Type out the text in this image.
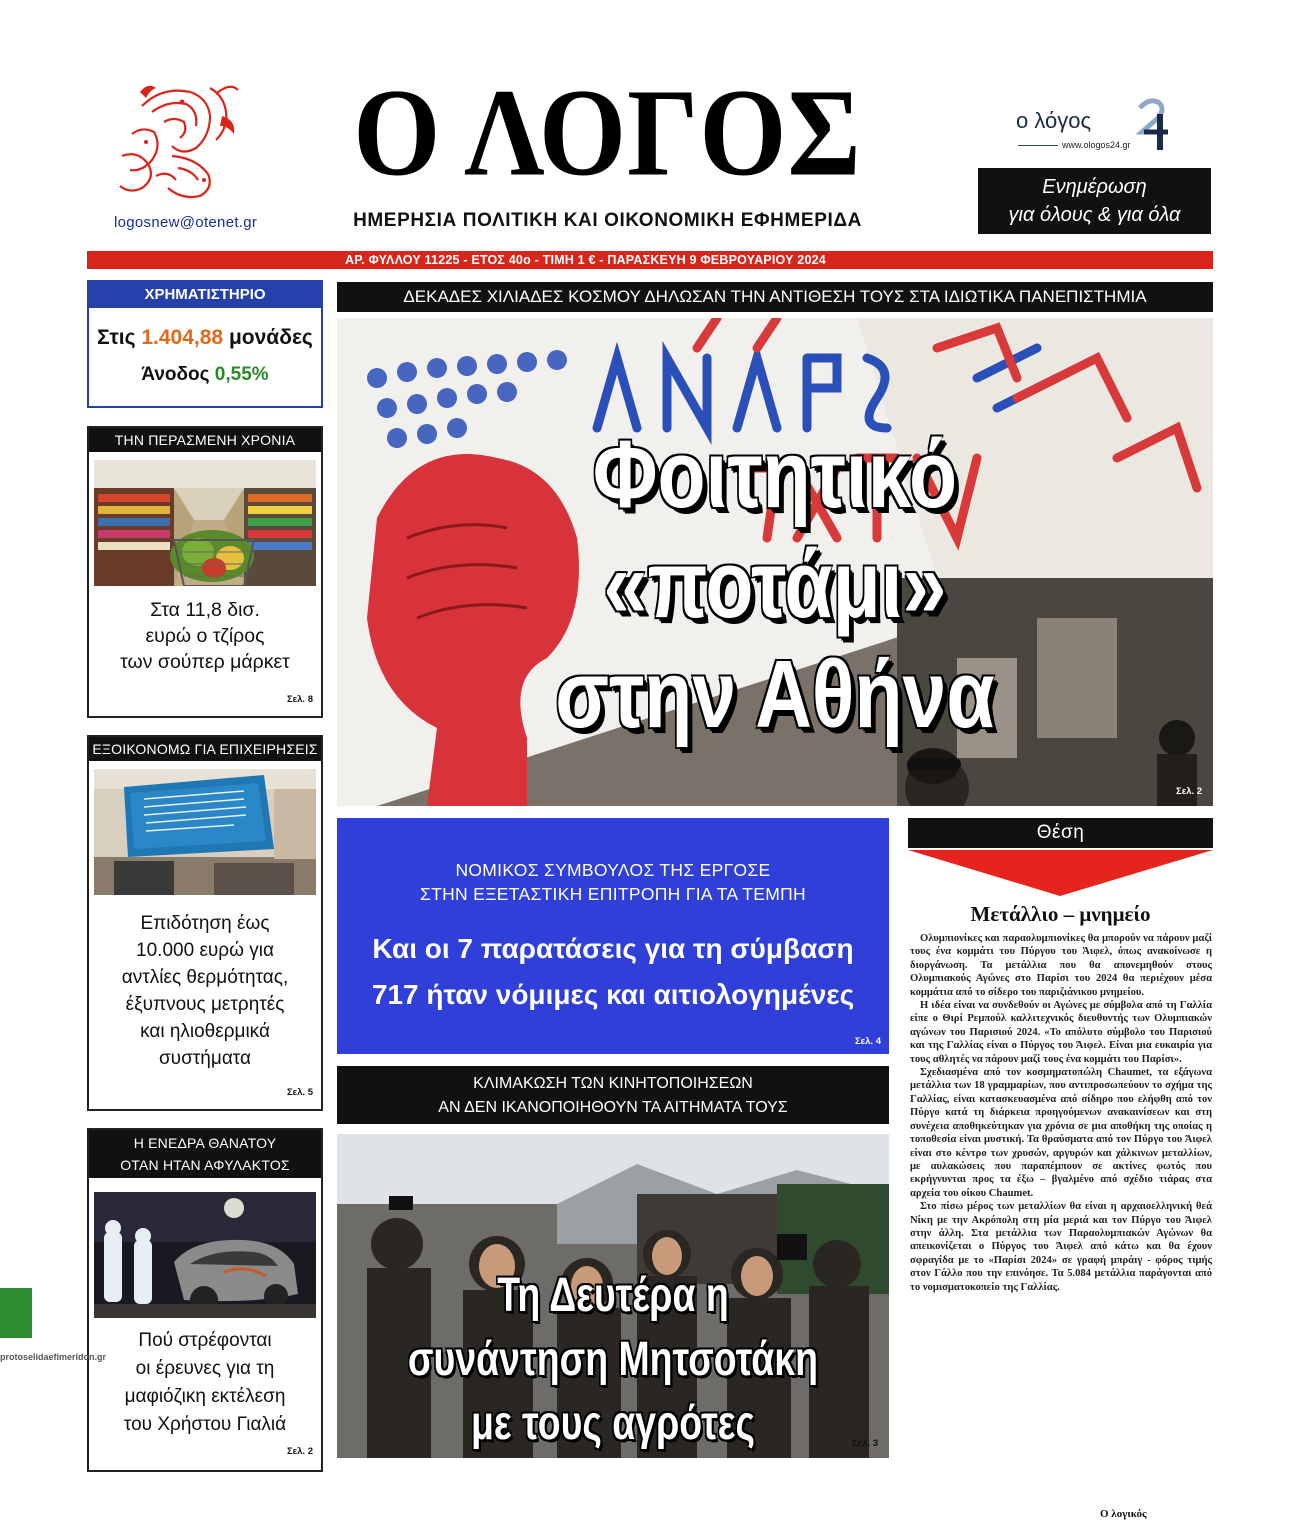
logosnew@otenet.gr
Ο ΛΟΓΟΣ
ΗΜΕΡΗΣΙΑ ΠΟΛΙΤΙΚΗ ΚΑΙ ΟΙΚΟΝΟΜΙΚΗ ΕΦΗΜΕΡΙΔΑ
ο λόγος
www.ologos24.gr
Ενημέρωση
για όλους & για όλα
ΑΡ. ΦΥΛΛΟΥ 11225 - ΕΤΟΣ 40ο - ΤΙΜΗ 1 € - ΠΑΡΑΣΚΕΥΗ 9 ΦΕΒΡΟΥΑΡΙΟΥ 2024
ΧΡΗΜΑΤΙΣΤΗΡΙΟ
Στις 1.404,88 μονάδες
Άνοδος 0,55%
ΤΗΝ ΠΕΡΑΣΜΕΝΗ ΧΡΟΝΙΑ
Στα 11,8 δισ.
ευρώ ο τζίρος
των σούπερ μάρκετ
Σελ. 8
ΕΞΟΙΚΟΝΟΜΩ ΓΙΑ ΕΠΙΧΕΙΡΗΣΕΙΣ
Επιδότηση έως
10.000 ευρώ για
αντλίες θερμότητας,
έξυπνους μετρητές
και ηλιοθερμικά
συστήματα
Σελ. 5
Η ΕΝΕΔΡΑ ΘΑΝΑΤΟΥ
ΟΤΑΝ ΗΤΑΝ ΑΦΥΛΑΚΤΟΣ
Πού στρέφονται
οι έρευνες για τη
μαφιόζικη εκτέλεση
του Χρήστου Γιαλιά
Σελ. 2
ΔΕΚΑΔΕΣ ΧΙΛΙΑΔΕΣ ΚΟΣΜΟΥ ΔΗΛΩΣΑΝ ΤΗΝ ΑΝΤΙΘΕΣΗ ΤΟΥΣ ΣΤΑ ΙΔΙΩΤΙΚΑ ΠΑΝΕΠΙΣΤΗΜΙΑ
Φοιτητικό «ποτάμι»
στην Αθήνα
Σελ. 2
ΝΟΜΙΚΟΣ ΣΥΜΒΟΥΛΟΣ ΤΗΣ ΕΡΓΟΣΕ
ΣΤΗΝ ΕΞΕΤΑΣΤΙΚΗ ΕΠΙΤΡΟΠΗ ΓΙΑ ΤΑ ΤΕΜΠΗ
Και οι 7 παρατάσεις για τη σύμβαση
717 ήταν νόμιμες και αιτιολογημένες
Σελ. 4
ΚΛΙΜΑΚΩΣΗ ΤΩΝ ΚΙΝΗΤΟΠΟΙΗΣΕΩΝ
ΑΝ ΔΕΝ ΙΚΑΝΟΠΟΙΗΘΟΥΝ ΤΑ ΑΙΤΗΜΑΤΑ ΤΟΥΣ
Τη Δευτέρα η συνάντηση Μητσοτάκη
με τους αγρότες	Σελ. 3
Θέση
Μετάλλιο – μνημείο

Ολυμπιονίκες και παραολυμπιονίκες θα μπορούν να πάρουν μαζί τους ένα κομμάτι του Πύργου του Άιφελ, όπως ανακοίνωσε η διοργάνωση. Τα μετάλλια που θα απονεμηθούν στους Ολυμπιακούς Αγώνες στο Παρίσι του 2024 θα περιέχουν μέσα κομμάτια από το σίδερο του παριζιάνικου μνημείου.

Η ιδέα είναι να συνδεθούν οι Αγώνες με σύμβολα από τη Γαλλία είπε ο Θιρί Ρεμπούλ καλλιτεχνικός διευθυντής των Ολυμπιακών αγώνων του Παρισιού 2024. «Το απόλυτο σύμβολο του Παρισιού και της Γαλλίας είναι ο Πύργος του Άιφελ. Είναι μια ευκαιρία για τους αθλητές να πάρουν μαζί τους ένα κομμάτι του Παρίσι».

Σχεδιασμένα από τον κοσμηματοπώλη Chaumet, τα εξάγωνα μετάλλια των 18 γραμμαρίων, που αντιπροσωπεύουν το σχήμα της Γαλλίας, είναι κατασκευασμένα από σίδηρο που ελήφθη από τον Πύργο κατά τη διάρκεια προηγούμενων ανακαινίσεων και στη συνέχεια αποθηκεύτηκαν για χρόνια σε μια αποθήκη της οποίας η τοποθεσία είναι μυστική. Τα θραύσματα από τον Πύργο του Άιφελ είναι στο κέντρο των χρυσών, αργυρών και χάλκινων μεταλλίων, με αυλακώσεις που παραπέμπουν σε ακτίνες φωτός που εκρήγνυνται προς τα έξω – βγαλμένο από σχέδιο τιάρας στα αρχεία του οίκου Chaumet.

Στο πίσω μέρος των μεταλλίων θα είναι η αρχαιοελληνική θεά Νίκη με την Ακρόπολη στη μία μεριά και τον Πύργο του Άιφελ στην άλλη. Στα μετάλλια των Παραολυμπιακών Αγώνων θα απεικονίζεται ο Πύργος του Άιφελ από κάτω και θα έχουν σφραγίδα με το «Παρίσι 2024» σε γραφή μπράιγ - φόρος τιμής στον Γάλλο που την επινόησε. Τα 5.084 μετάλλια παράγονται από το νομισματοκοπείο της Γαλλίας.

Ο λογικός
protoselidaefimeridon.gr
